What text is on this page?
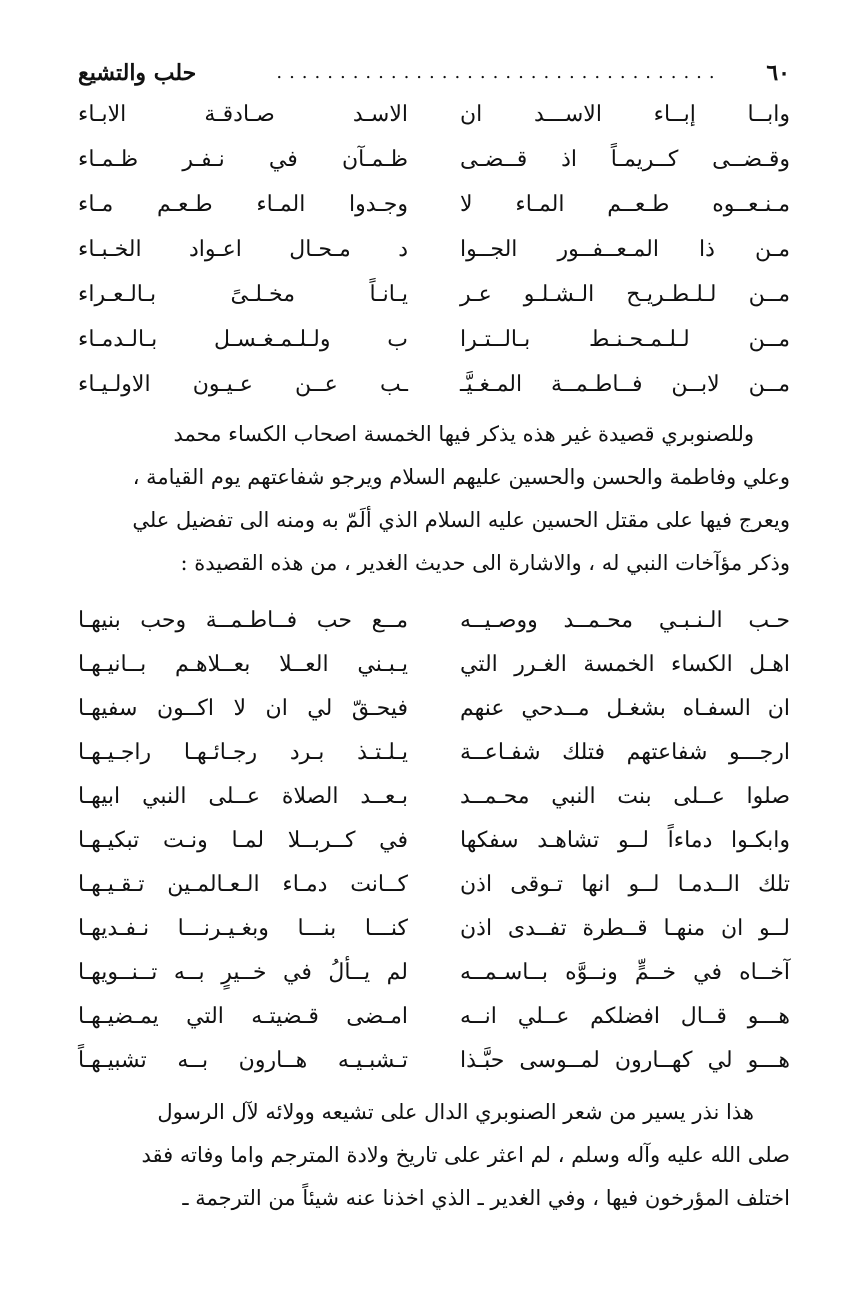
٦٠
...................................
حلب والتشيع
وابــا إبــاء الاســـد ان
الاسـد صـادقـة الابـاء
وقـضــى كــريمـاً اذ قــضـى
ظـمـآن في نـفـر ظـمـاء
مـنـعــوه طـعــم المـاء لا
وجـدوا المـاء طـعـم مـاء
مـن ذا المـعــفــور الجــوا
د مـحـال اعـواد الخـبـاء
مــن لـلـطـريـح الـشـلـو عـر
يـانـاً مخـلـىً بـالـعـراء
مــن لـلـمـحـنـط بـالــتـرا
ب ولـلـمـغـسـل بـالـدمـاء
مــن لابــن فــاطـمــة المـغـيَّـ
ـب عــن عـيـون الاولـيـاء
وللصنوبري قصيدة غير هذه يذكر فيها الخمسة اصحاب الكساء محمد
وعلي وفاطمة والحسن والحسين عليهم السلام ويرجو شفاعتهم يوم القيامة ،
ويعرج فيها على مقتل الحسين عليه السلام الذي ألَمّ به ومنه الى تفضيل علي
وذكر مؤآخات النبي له ، والاشارة الى حديث الغدير ، من هذه القصيدة :
حـب الـنـبـي محـمــد ووصـيــه
مــع حب فــاطـمــة وحب بنيهـا
اهـل الكساء الخمسة الغـرر التي
يـبـني العــلا بعــلاهـم بــانيـهـا
ان السفـاه بشغـل مــدحي عنهم
فيحـقّ لي ان لا اكــون سفيهـا
ارجـــو شفاعتهم فتلك شفـاعــة
يـلـتـذ بـرد رجـائـهـا راجـيـهـا
صلوا عــلى بنت النبي محـمــد
بـعــد الصلاة عــلى النبي ابيهـا
وابكـوا دماءاً لــو تشاهـد سفكها
في كــربــلا لمـا ونـت تبكيـهـا
تلك الــدمـا لــو انها تـوقى اذن
كــانت دمـاء الـعـالمـين تـقـيـهـا
لــو ان منهـا قــطرة تفــدى اذن
كنـــا بنـــا وبغـيـرنـــا نـفـديهـا
آخــاه في خــمٍّ ونــوَّه بــاسـمــه
لم يــألُ في خــيرٍ بــه تــنــويهـا
هـــو قــال افضلكم عــلي انــه
امـضى قـضيتـه التي يمـضيـهـا
هـــو لي كهــارون لمــوسى حبَّـذا
تـشبـيـه هــارون بــه تشبيـهـاً
هذا نذر يسير من شعر الصنوبري الدال على تشيعه وولائه لآل الرسول
صلى الله عليه وآله وسلم ، لم اعثر على تاريخ ولادة المترجم واما وفاته فقد
اختلف المؤرخون فيها ، وفي الغدير ـ الذي اخذنا عنه شيئاً من الترجمة ـ
